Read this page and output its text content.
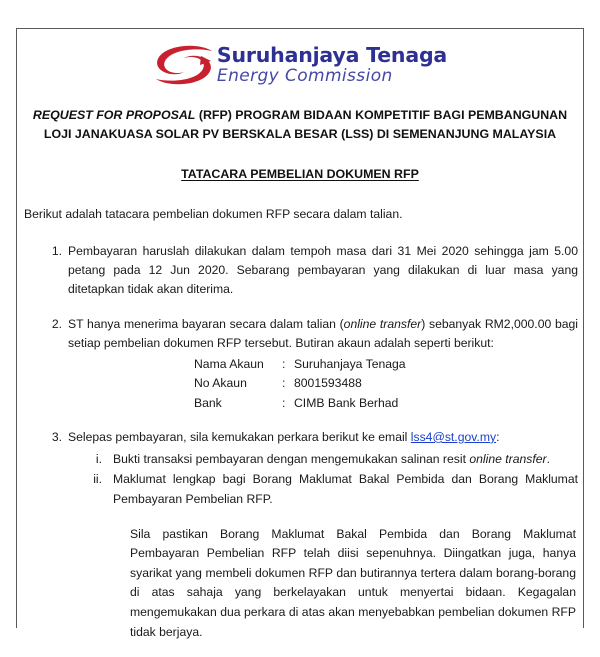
Suruhanjaya Tenaga
Energy Commission
REQUEST FOR PROPOSAL (RFP) PROGRAM BIDAAN KOMPETITIF BAGI PEMBANGUNAN
LOJI JANAKUASA SOLAR PV BERSKALA BESAR (LSS) DI SEMENANJUNG MALAYSIA
TATACARA PEMBELIAN DOKUMEN RFP
Berikut adalah tatacara pembelian dokumen RFP secara dalam talian.
1. Pembayaran haruslah dilakukan dalam tempoh masa dari 31 Mei 2020 sehingga jam 5.00 petang pada 12 Jun 2020. Sebarang pembayaran yang dilakukan di luar masa yang ditetapkan tidak akan diterima.
2. ST hanya menerima bayaran secara dalam talian (online transfer) sebanyak RM2,000.00 bagi setiap pembelian dokumen RFP tersebut. Butiran akaun adalah seperti berikut:
Nama Akaun	: Suruhanjaya Tenaga
No Akaun	: 8001593488
Bank	: CIMB Bank Berhad
3. Selepas pembayaran, sila kemukakan perkara berikut ke email lss4@st.gov.my:
i. Bukti transaksi pembayaran dengan mengemukakan salinan resit online transfer.
ii. Maklumat lengkap bagi Borang Maklumat Bakal Pembida dan Borang Maklumat Pembayaran Pembelian RFP.
Sila pastikan Borang Maklumat Bakal Pembida dan Borang Maklumat Pembayaran Pembelian RFP telah diisi sepenuhnya. Diingatkan juga, hanya syarikat yang membeli dokumen RFP dan butirannya tertera dalam borang-borang di atas sahaja yang berkelayakan untuk menyertai bidaan. Kegagalan mengemukakan dua perkara di atas akan menyebabkan pembelian dokumen RFP tidak berjaya.
